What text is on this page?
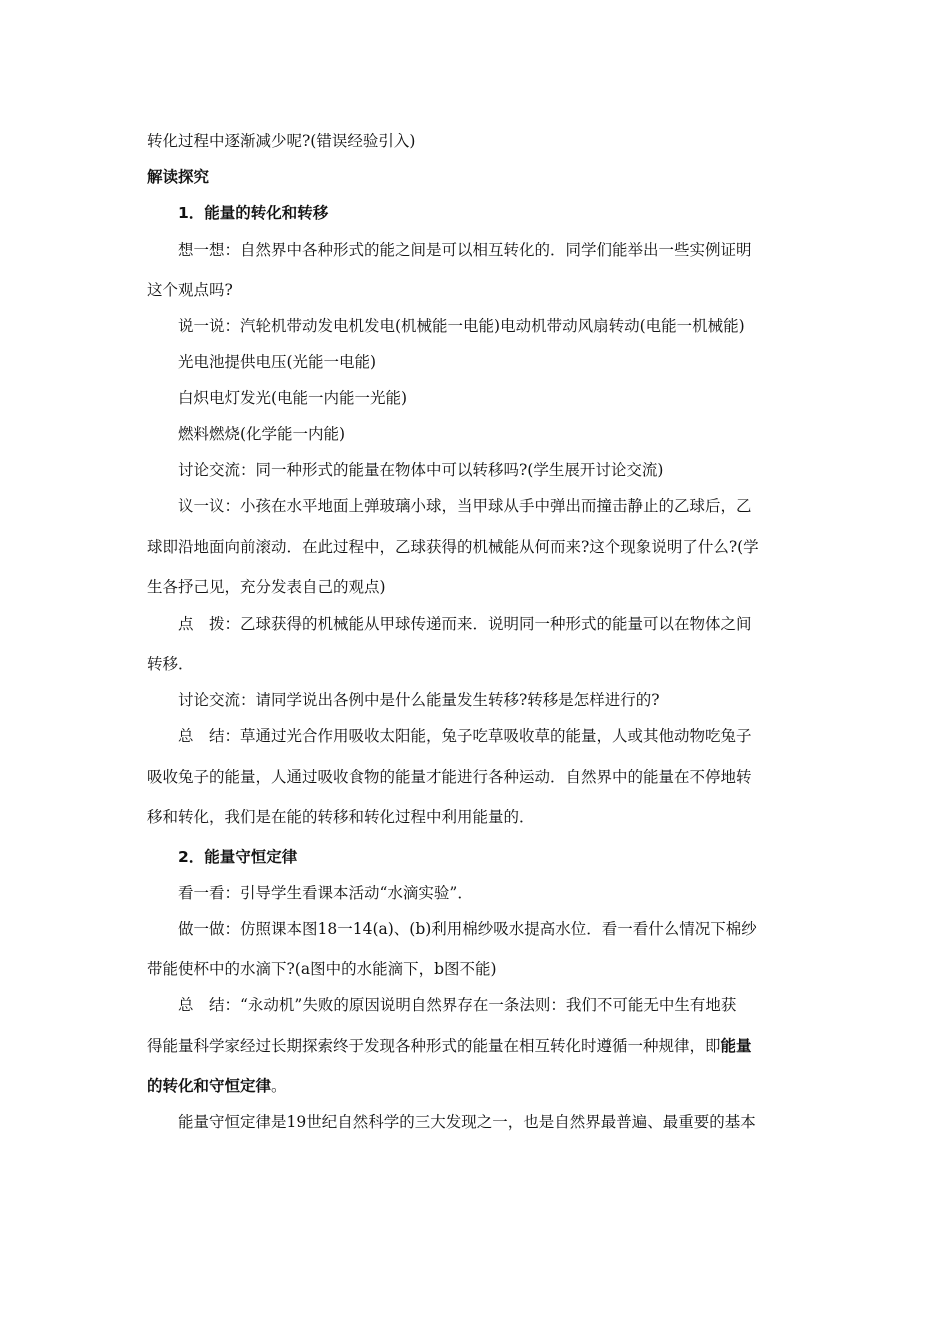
转化过程中逐渐减少呢?(错误经验引入)
解读探究
1．能量的转化和转移
想一想：自然界中各种形式的能之间是可以相互转化的．同学们能举出一些实例证明
这个观点吗?
说一说：汽轮机带动发电机发电(机械能一电能)电动机带动风扇转动(电能一机械能)
光电池提供电压(光能一电能)
白炽电灯发光(电能一内能一光能)
燃料燃烧(化学能一内能)
讨论交流：同一种形式的能量在物体中可以转移吗?(学生展开讨论交流)
议一议：小孩在水平地面上弹玻璃小球，当甲球从手中弹出而撞击静止的乙球后，乙
球即沿地面向前滚动．在此过程中，乙球获得的机械能从何而来?这个现象说明了什么?(学
生各抒己见，充分发表自己的观点)
点　拨：乙球获得的机械能从甲球传递而来．说明同一种形式的能量可以在物体之间
转移．
讨论交流：请同学说出各例中是什么能量发生转移?转移是怎样进行的?
总　结：草通过光合作用吸收太阳能，兔子吃草吸收草的能量，人或其他动物吃兔子
吸收兔子的能量，人通过吸收食物的能量才能进行各种运动．自然界中的能量在不停地转
移和转化，我们是在能的转移和转化过程中利用能量的．
2．能量守恒定律
看一看：引导学生看课本活动“水滴实验”．
做一做：仿照课本图18一14(a)、(b)利用棉纱吸水提高水位．看一看什么情况下棉纱
带能使杯中的水滴下?(a图中的水能滴下，b图不能)
总　结：“永动机”失败的原因说明自然界存在一条法则：我们不可能无中生有地获
得能量科学家经过长期探索终于发现各种形式的能量在相互转化时遵循一种规律，即能量
的转化和守恒定律。
能量守恒定律是19世纪自然科学的三大发现之一，也是自然界最普遍、最重要的基本
